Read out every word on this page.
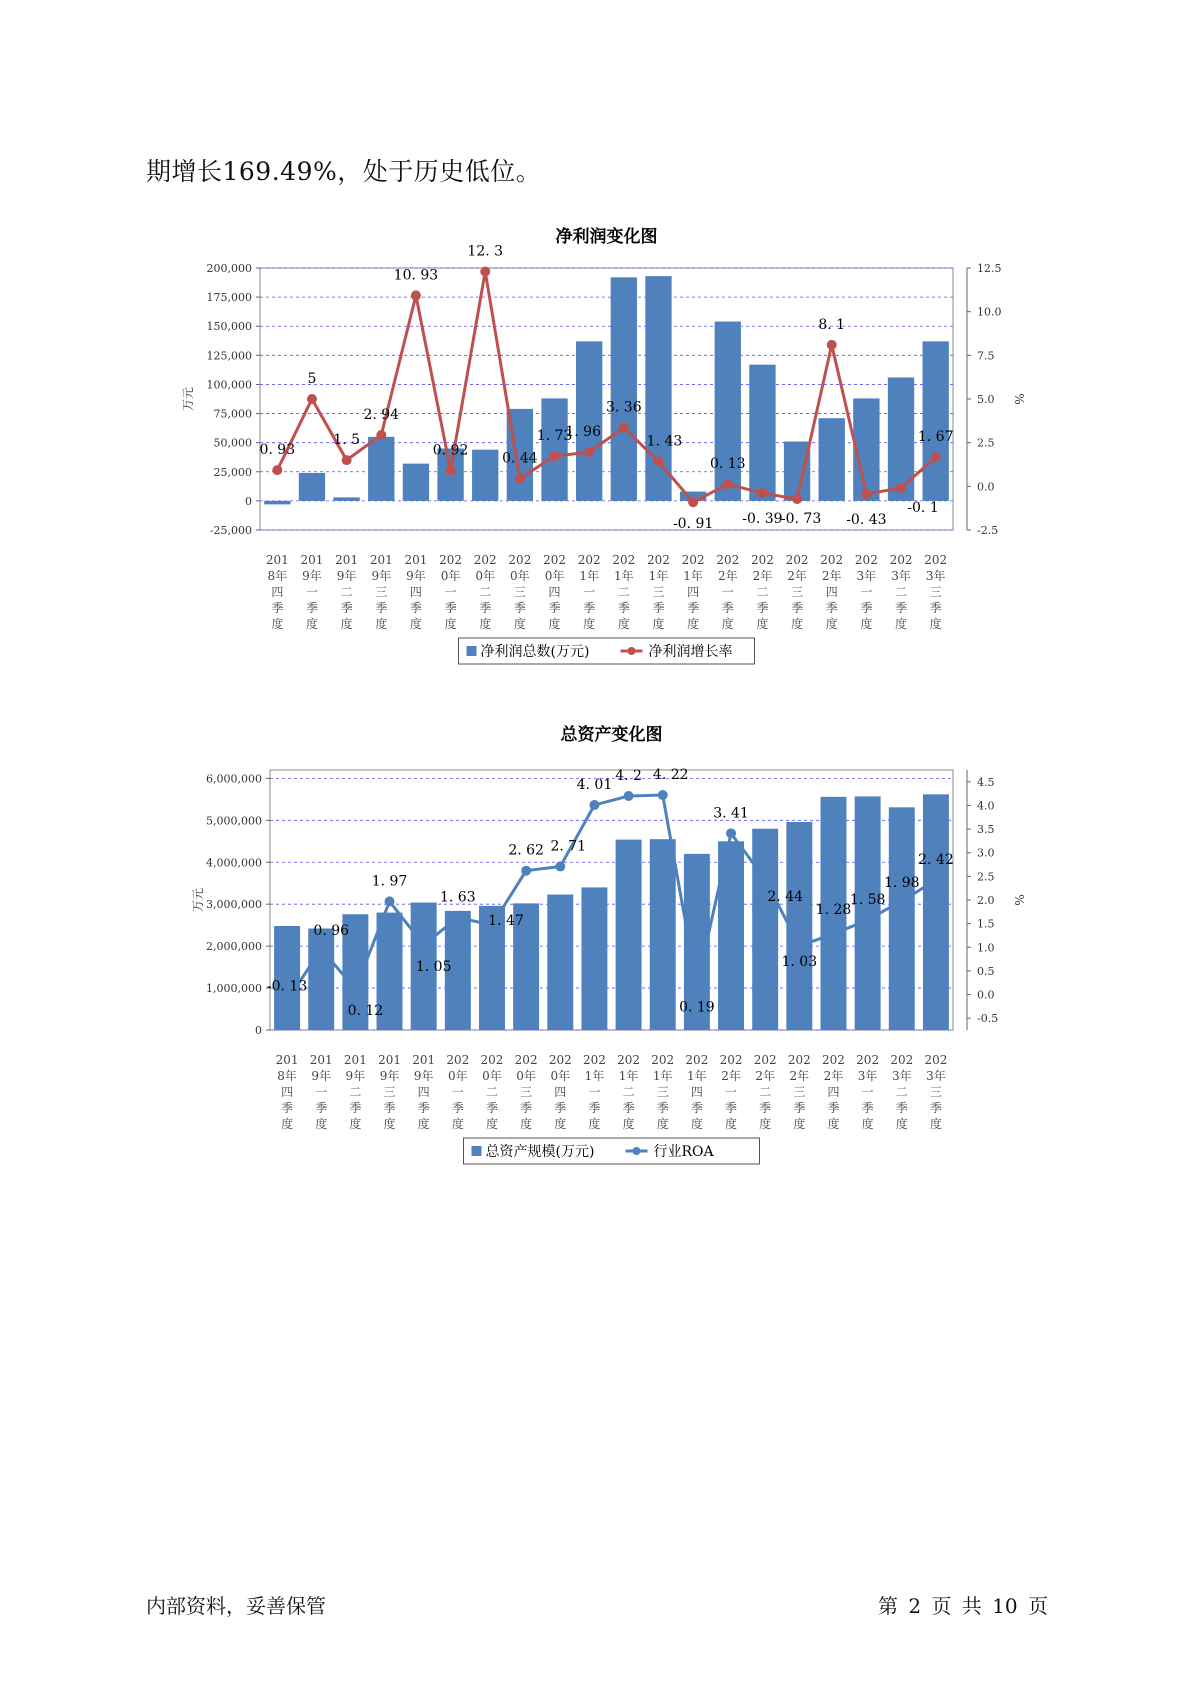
期增长169.49%，处于历史低位。
净利润变化图
-25,000
0
25,000
50,000
75,000
100,000
125,000
150,000
175,000
200,000
-2.5
0.0
2.5
5.0
7.5
10.0
12.5
万元	%
0. 93
5
1. 5
2. 94
10. 93
0. 92
12. 3
0. 44
1. 73
1. 96
3. 36
1. 43
-0. 91
0. 13
-0. 39
-0. 73
8. 1
-0. 43
-0. 1
1. 67
201
8年
四
季
度
201
9年
一
季
度
201
9年
二
季
度
201
9年
三
季
度
201
9年
四
季
度
202
0年
一
季
度
202
0年
二
季
度
202
0年
三
季
度
202
0年
四
季
度
202
1年
一
季
度
202
1年
二
季
度
202
1年
三
季
度
202
1年
四
季
度
202
2年
一
季
度
202
2年
二
季
度
202
2年
三
季
度
202
2年
四
季
度
202
3年
一
季
度
202
3年
二
季
度
202
3年
三
季
度
净利润总数(万元)	净利润增长率
总资产变化图
0
1,000,000
2,000,000
3,000,000
4,000,000
5,000,000
6,000,000
-0.5
0.0
0.5
1.0
1.5
2.0
2.5
3.0
3.5
4.0
4.5
万元	%
-0. 13
0. 96
0. 12
1. 97
1. 05
1. 63
1. 47
2. 62 2. 71
4. 01
4. 2 4. 22
0. 19
3. 41
2. 44
1. 03
1. 28
1. 58
1. 98
2. 42
201
8年
四
季
度
201
9年
一
季
度
201
9年
二
季
度
201
9年
三
季
度
201
9年
四
季
度
202
0年
一
季
度
202
0年
二
季
度
202
0年
三
季
度
202
0年
四
季
度
202
1年
一
季
度
202
1年
二
季
度
202
1年
三
季
度
202
1年
四
季
度
202
2年
一
季
度
202
2年
二
季
度
202
2年
三
季
度
202
2年
四
季
度
202
3年
一
季
度
202
3年
二
季
度
202
3年
三
季
度
总资产规模(万元)	行业ROA
内部资料，妥善保管	第 2 页 共 10 页
